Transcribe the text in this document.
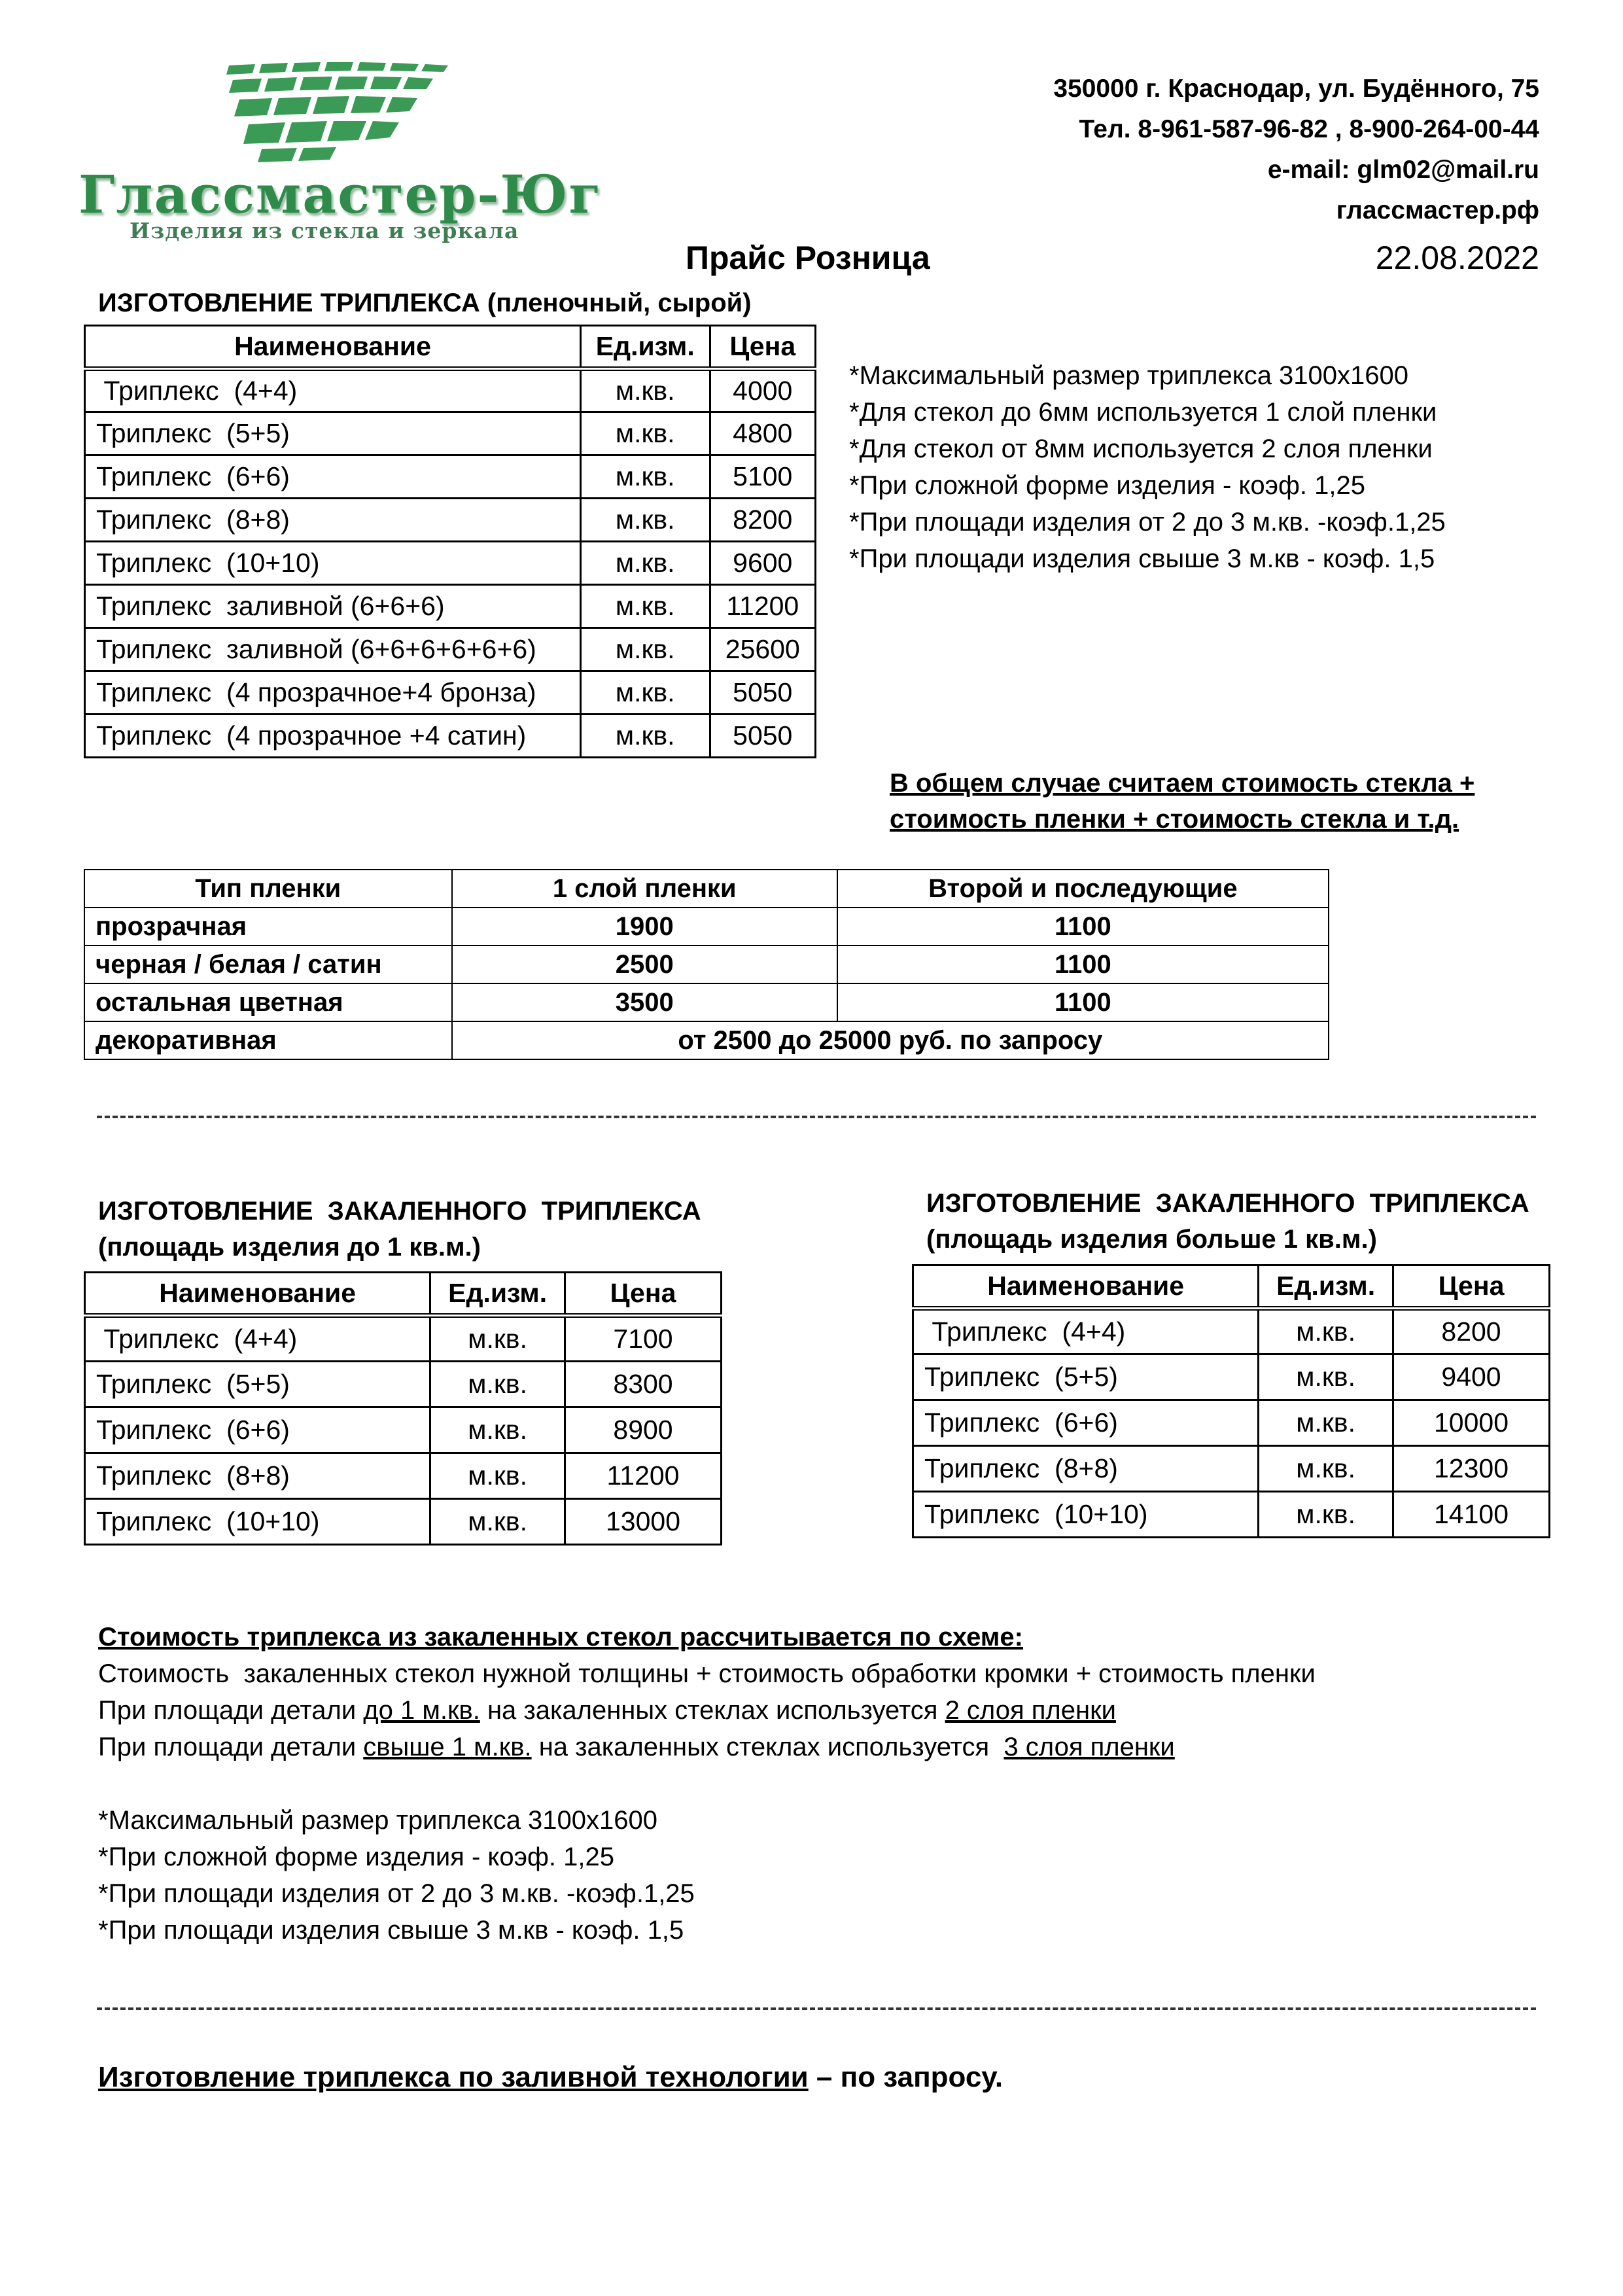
Глассмастер-Юг
Изделия из стекла и зеркала
350000 г. Краснодар, ул. Будённого, 75
Тел. 8-961-587-96-82 , 8-900-264-00-44
e-mail: glm02@mail.ru
глассмастер.рф
Прайс Розница	22.08.2022
ИЗГОТОВЛЕНИЕ ТРИПЛЕКСА (пленочный, сырой)
Наименование	Ед.изм.	Цена
Триплекс  (4+4)	м.кв.	4000
Триплекс  (5+5)	м.кв.	4800
Триплекс  (6+6)	м.кв.	5100
Триплекс  (8+8)	м.кв.	8200
Триплекс  (10+10)	м.кв.	9600
Триплекс  заливной (6+6+6)	м.кв.	11200
Триплекс  заливной (6+6+6+6+6+6)	м.кв.	25600
Триплекс  (4 прозрачное+4 бронза)	м.кв.	5050
Триплекс  (4 прозрачное +4 сатин)	м.кв.	5050
*Максимальный размер триплекса 3100x1600
*Для стекол до 6мм используется 1 слой пленки
*Для стекол от 8мм используется 2 слоя пленки
*При сложной форме изделия - коэф. 1,25
*При площади изделия от 2 до 3 м.кв. -коэф.1,25
*При площади изделия свыше 3 м.кв - коэф. 1,5
В общем случае считаем стоимость стекла +
стоимость пленки + стоимость стекла и т.д.
Тип пленки	1 слой пленки	Второй и последующие
прозрачная	1900	1100
черная / белая / сатин	2500	1100
остальная цветная	3500	1100
декоративная	от 2500 до 25000 руб. по запросу	
ИЗГОТОВЛЕНИЕ  ЗАКАЛЕННОГО  ТРИПЛЕКСА
(площадь изделия до 1 кв.м.)
Наименование	Ед.изм.	Цена
Триплекс  (4+4)	м.кв.	7100
Триплекс  (5+5)	м.кв.	8300
Триплекс  (6+6)	м.кв.	8900
Триплекс  (8+8)	м.кв.	11200
Триплекс  (10+10)	м.кв.	13000
ИЗГОТОВЛЕНИЕ  ЗАКАЛЕННОГО  ТРИПЛЕКСА
(площадь изделия больше 1 кв.м.)
Наименование	Ед.изм.	Цена
Триплекс  (4+4)	м.кв.	8200
Триплекс  (5+5)	м.кв.	9400
Триплекс  (6+6)	м.кв.	10000
Триплекс  (8+8)	м.кв.	12300
Триплекс  (10+10)	м.кв.	14100
Стоимость триплекса из закаленных стекол рассчитывается по схеме:
Стоимость  закаленных стекол нужной толщины + стоимость обработки кромки + стоимость пленки
При площади детали до 1 м.кв. на закаленных стеклах используется 2 слоя пленки
При площади детали свыше 1 м.кв. на закаленных стеклах используется  3 слоя пленки
*Максимальный размер триплекса 3100x1600
*При сложной форме изделия - коэф. 1,25
*При площади изделия от 2 до 3 м.кв. -коэф.1,25
*При площади изделия свыше 3 м.кв - коэф. 1,5
Изготовление триплекса по заливной технологии – по запросу.
